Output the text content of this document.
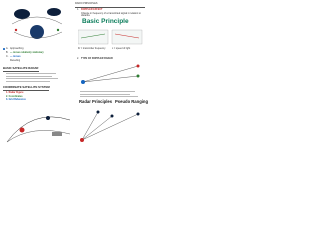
RADIO PRINCIPLES
A. Approaching
B. — moves relatively stationary
C. — moves
Receding
BASIC SATELLITE RADAR
COORDINATE SATELLITE SYSTEM
1. Radar Figure
2. Coordinates
3. Grid Reference
1. DOPPLER EFFECT
Change in frequency of a transmitted signal in relation to distance
Basic Principle
Fr = transmitter frequency	c = speed of light
2. TYPE OF DOPPLER RADAR
Radar Principles Pseudo Ranging
